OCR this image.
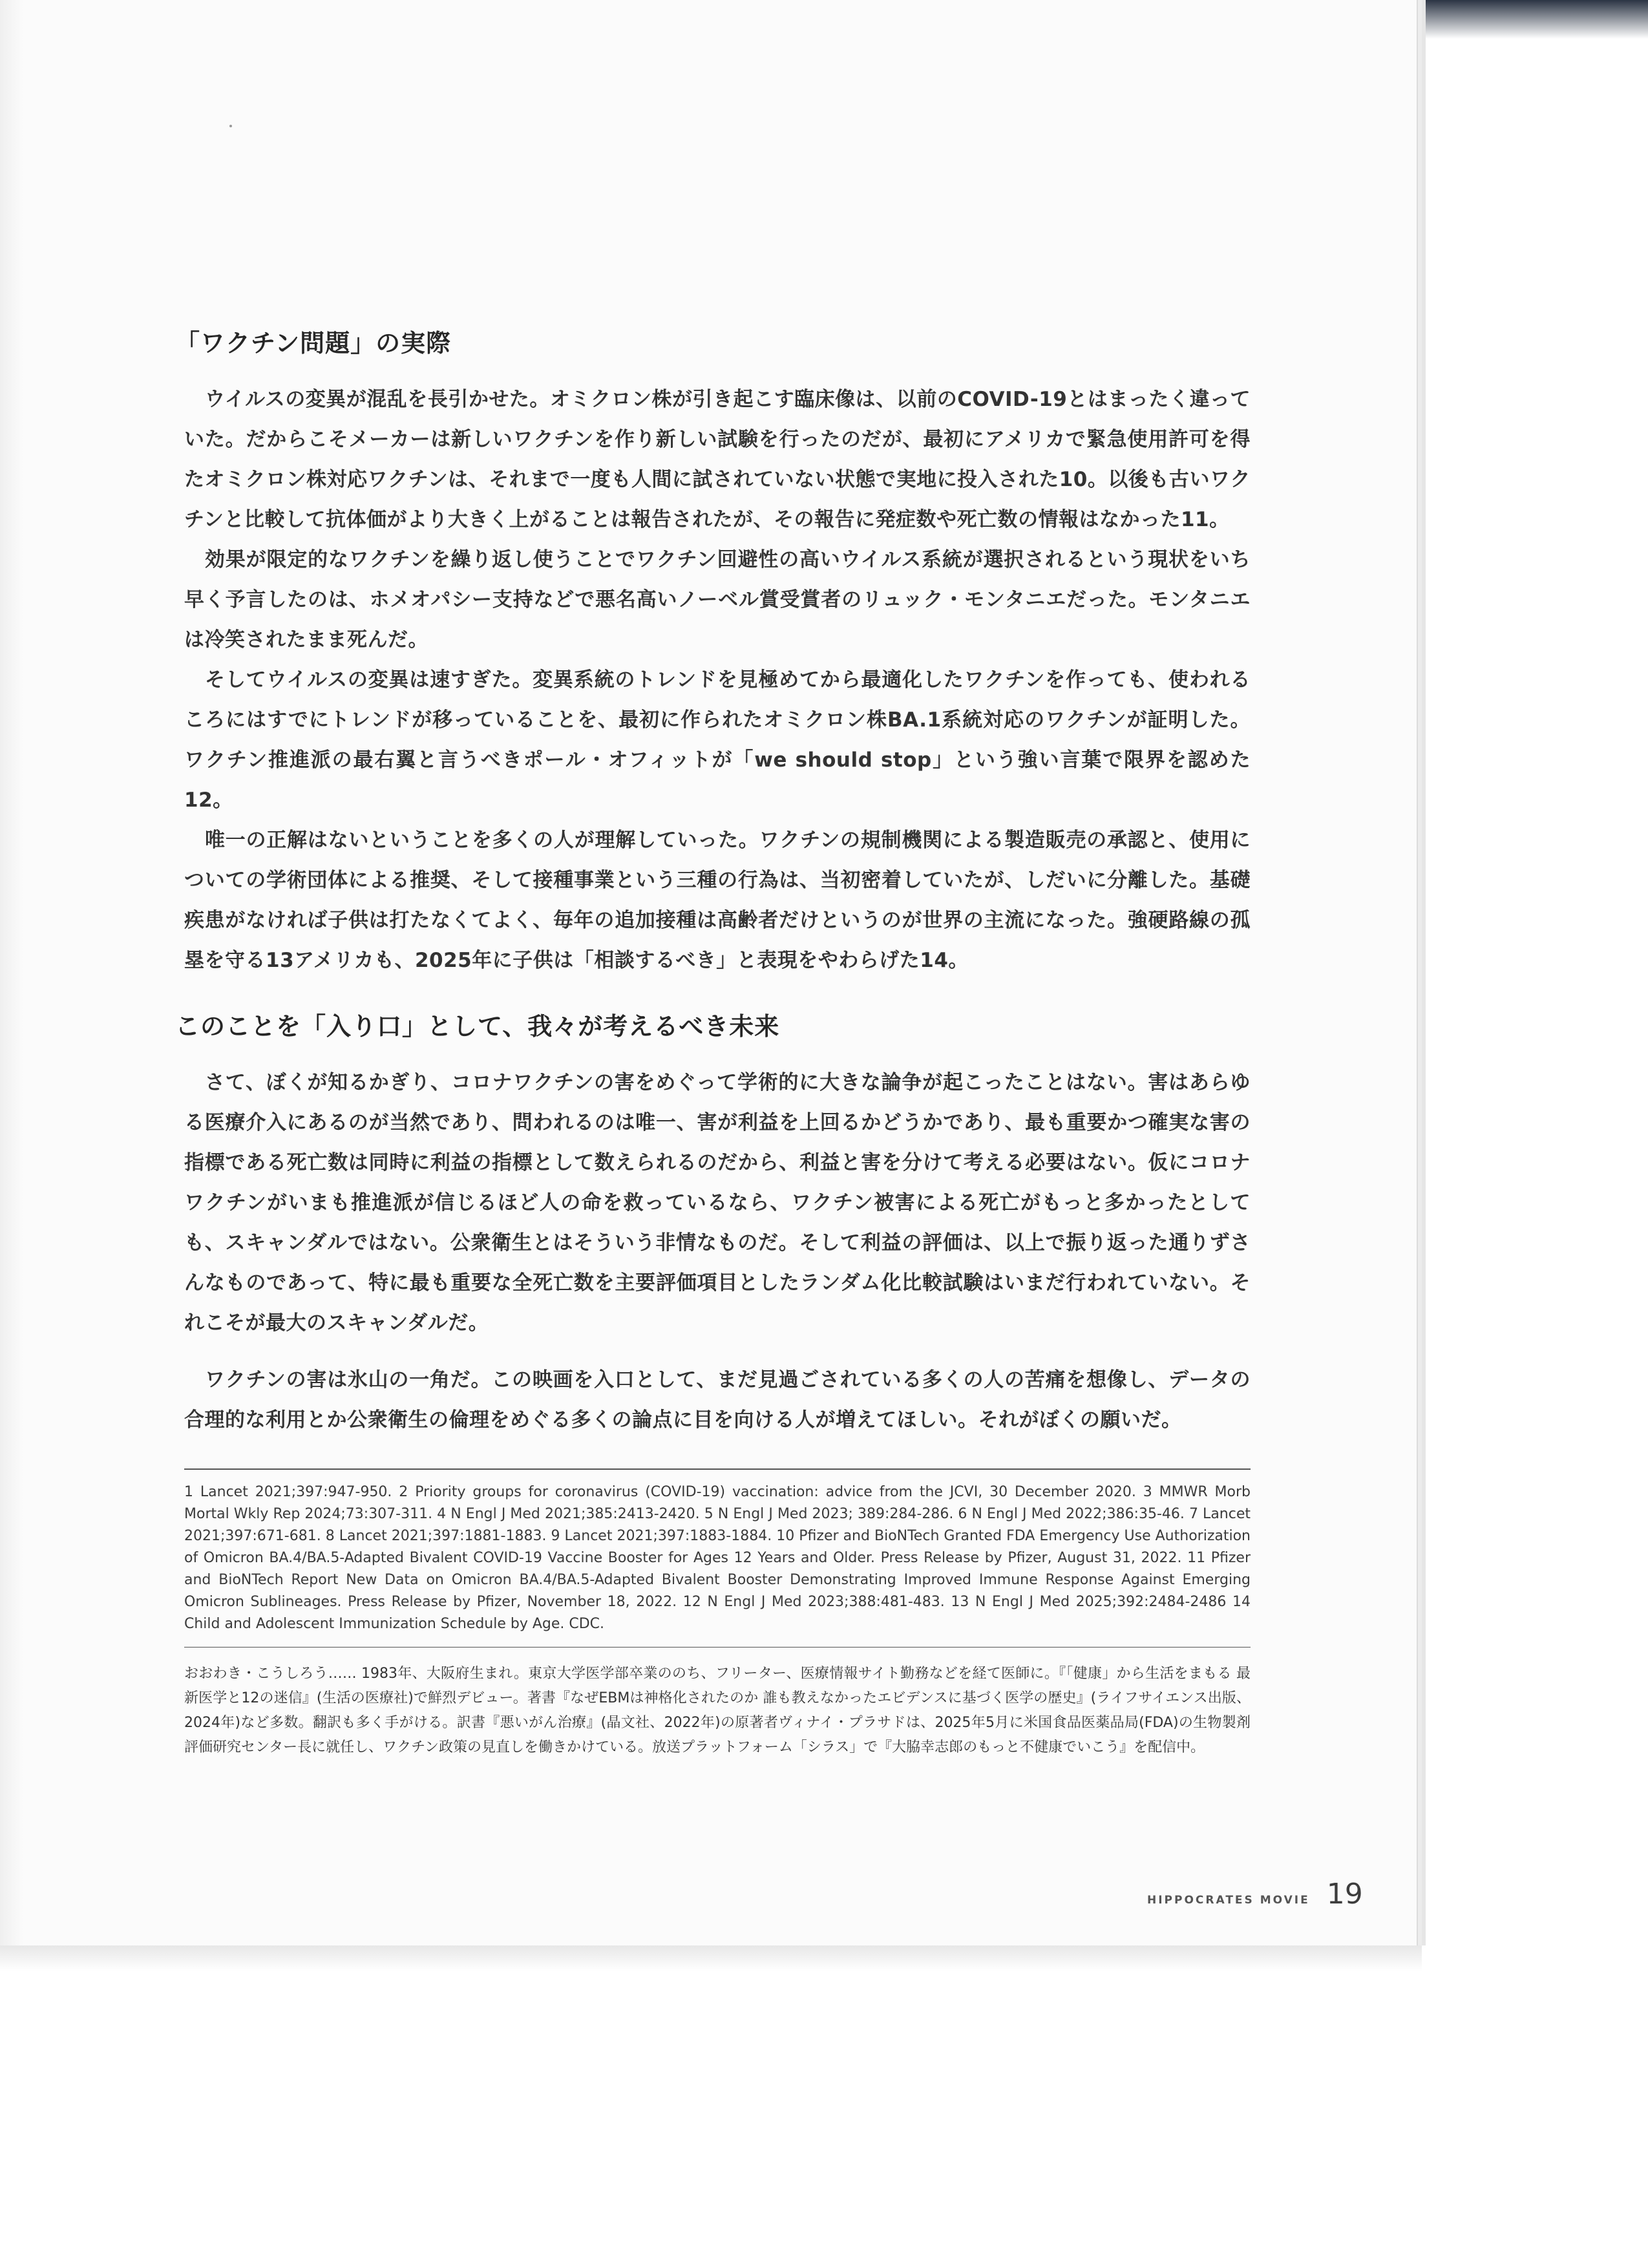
「ワクチン問題」の実際

ウイルスの変異が混乱を長引かせた。オミクロン株が引き起こす臨床像は、以前のCOVID-19とはまったく違っていた。だからこそメーカーは新しいワクチンを作り新しい試験を行ったのだが、最初にアメリカで緊急使用許可を得たオミクロン株対応ワクチンは、それまで一度も人間に試されていない状態で実地に投入された10。以後も古いワクチンと比較して抗体価がより大きく上がることは報告されたが、その報告に発症数や死亡数の情報はなかった11。

効果が限定的なワクチンを繰り返し使うことでワクチン回避性の高いウイルス系統が選択されるという現状をいち早く予言したのは、ホメオパシー支持などで悪名高いノーベル賞受賞者のリュック・モンタニエだった。モンタニエは冷笑されたまま死んだ。

そしてウイルスの変異は速すぎた。変異系統のトレンドを見極めてから最適化したワクチンを作っても、使われるころにはすでにトレンドが移っていることを、最初に作られたオミクロン株BA.1系統対応のワクチンが証明した。ワクチン推進派の最右翼と言うべきポール・オフィットが「we should stop」という強い言葉で限界を認めた12。

唯一の正解はないということを多くの人が理解していった。ワクチンの規制機関による製造販売の承認と、使用についての学術団体による推奨、そして接種事業という三種の行為は、当初密着していたが、しだいに分離した。基礎疾患がなければ子供は打たなくてよく、毎年の追加接種は高齢者だけというのが世界の主流になった。強硬路線の孤塁を守る13アメリカも、2025年に子供は「相談するべき」と表現をやわらげた14。

このことを「入り口」として、我々が考えるべき未来

さて、ぼくが知るかぎり、コロナワクチンの害をめぐって学術的に大きな論争が起こったことはない。害はあらゆる医療介入にあるのが当然であり、問われるのは唯一、害が利益を上回るかどうかであり、最も重要かつ確実な害の指標である死亡数は同時に利益の指標として数えられるのだから、利益と害を分けて考える必要はない。仮にコロナワクチンがいまも推進派が信じるほど人の命を救っているなら、ワクチン被害による死亡がもっと多かったとしても、スキャンダルではない。公衆衛生とはそういう非情なものだ。そして利益の評価は、以上で振り返った通りずさんなものであって、特に最も重要な全死亡数を主要評価項目としたランダム化比較試験はいまだ行われていない。それこそが最大のスキャンダルだ。

ワクチンの害は氷山の一角だ。この映画を入口として、まだ見過ごされている多くの人の苦痛を想像し、データの合理的な利用とか公衆衛生の倫理をめぐる多くの論点に目を向ける人が増えてほしい。それがぼくの願いだ。

1 Lancet 2021;397:947-950. 2 Priority groups for coronavirus (COVID-19) vaccination: advice from the JCVI, 30 December 2020. 3 MMWR Morb Mortal Wkly Rep 2024;73:307-311. 4 N Engl J Med 2021;385:2413-2420. 5 N Engl J Med 2023; 389:284-286. 6 N Engl J Med 2022;386:35-46. 7 Lancet 2021;397:671-681. 8 Lancet 2021;397:1881-1883. 9 Lancet 2021;397:1883-1884. 10 Pfizer and BioNTech Granted FDA Emergency Use Authorization of Omicron BA.4/BA.5-Adapted Bivalent COVID-19 Vaccine Booster for Ages 12 Years and Older. Press Release by Pfizer, August 31, 2022. 11 Pfizer and BioNTech Report New Data on Omicron BA.4/BA.5-Adapted Bivalent Booster Demonstrating Improved Immune Response Against Emerging Omicron Sublineages. Press Release by Pfizer, November 18, 2022. 12 N Engl J Med 2023;388:481-483. 13 N Engl J Med 2025;392:2484-2486 14 Child and Adolescent Immunization Schedule by Age. CDC.

おおわき・こうしろう…… 1983年、大阪府生まれ。東京大学医学部卒業ののち、フリーター、医療情報サイト勤務などを経て医師に。『「健康」から生活をまもる 最新医学と12の迷信』(生活の医療社)で鮮烈デビュー。著書『なぜEBMは神格化されたのか 誰も教えなかったエビデンスに基づく医学の歴史』(ライフサイエンス出版、2024年)など多数。翻訳も多く手がける。訳書『悪いがん治療』(晶文社、2022年)の原著者ヴィナイ・プラサドは、2025年5月に米国食品医薬品局(FDA)の生物製剤評価研究センター長に就任し、ワクチン政策の見直しを働きかけている。放送プラットフォーム「シラス」で『大脇幸志郎のもっと不健康でいこう』を配信中。

HIPPOCRATES MOVIE 19
